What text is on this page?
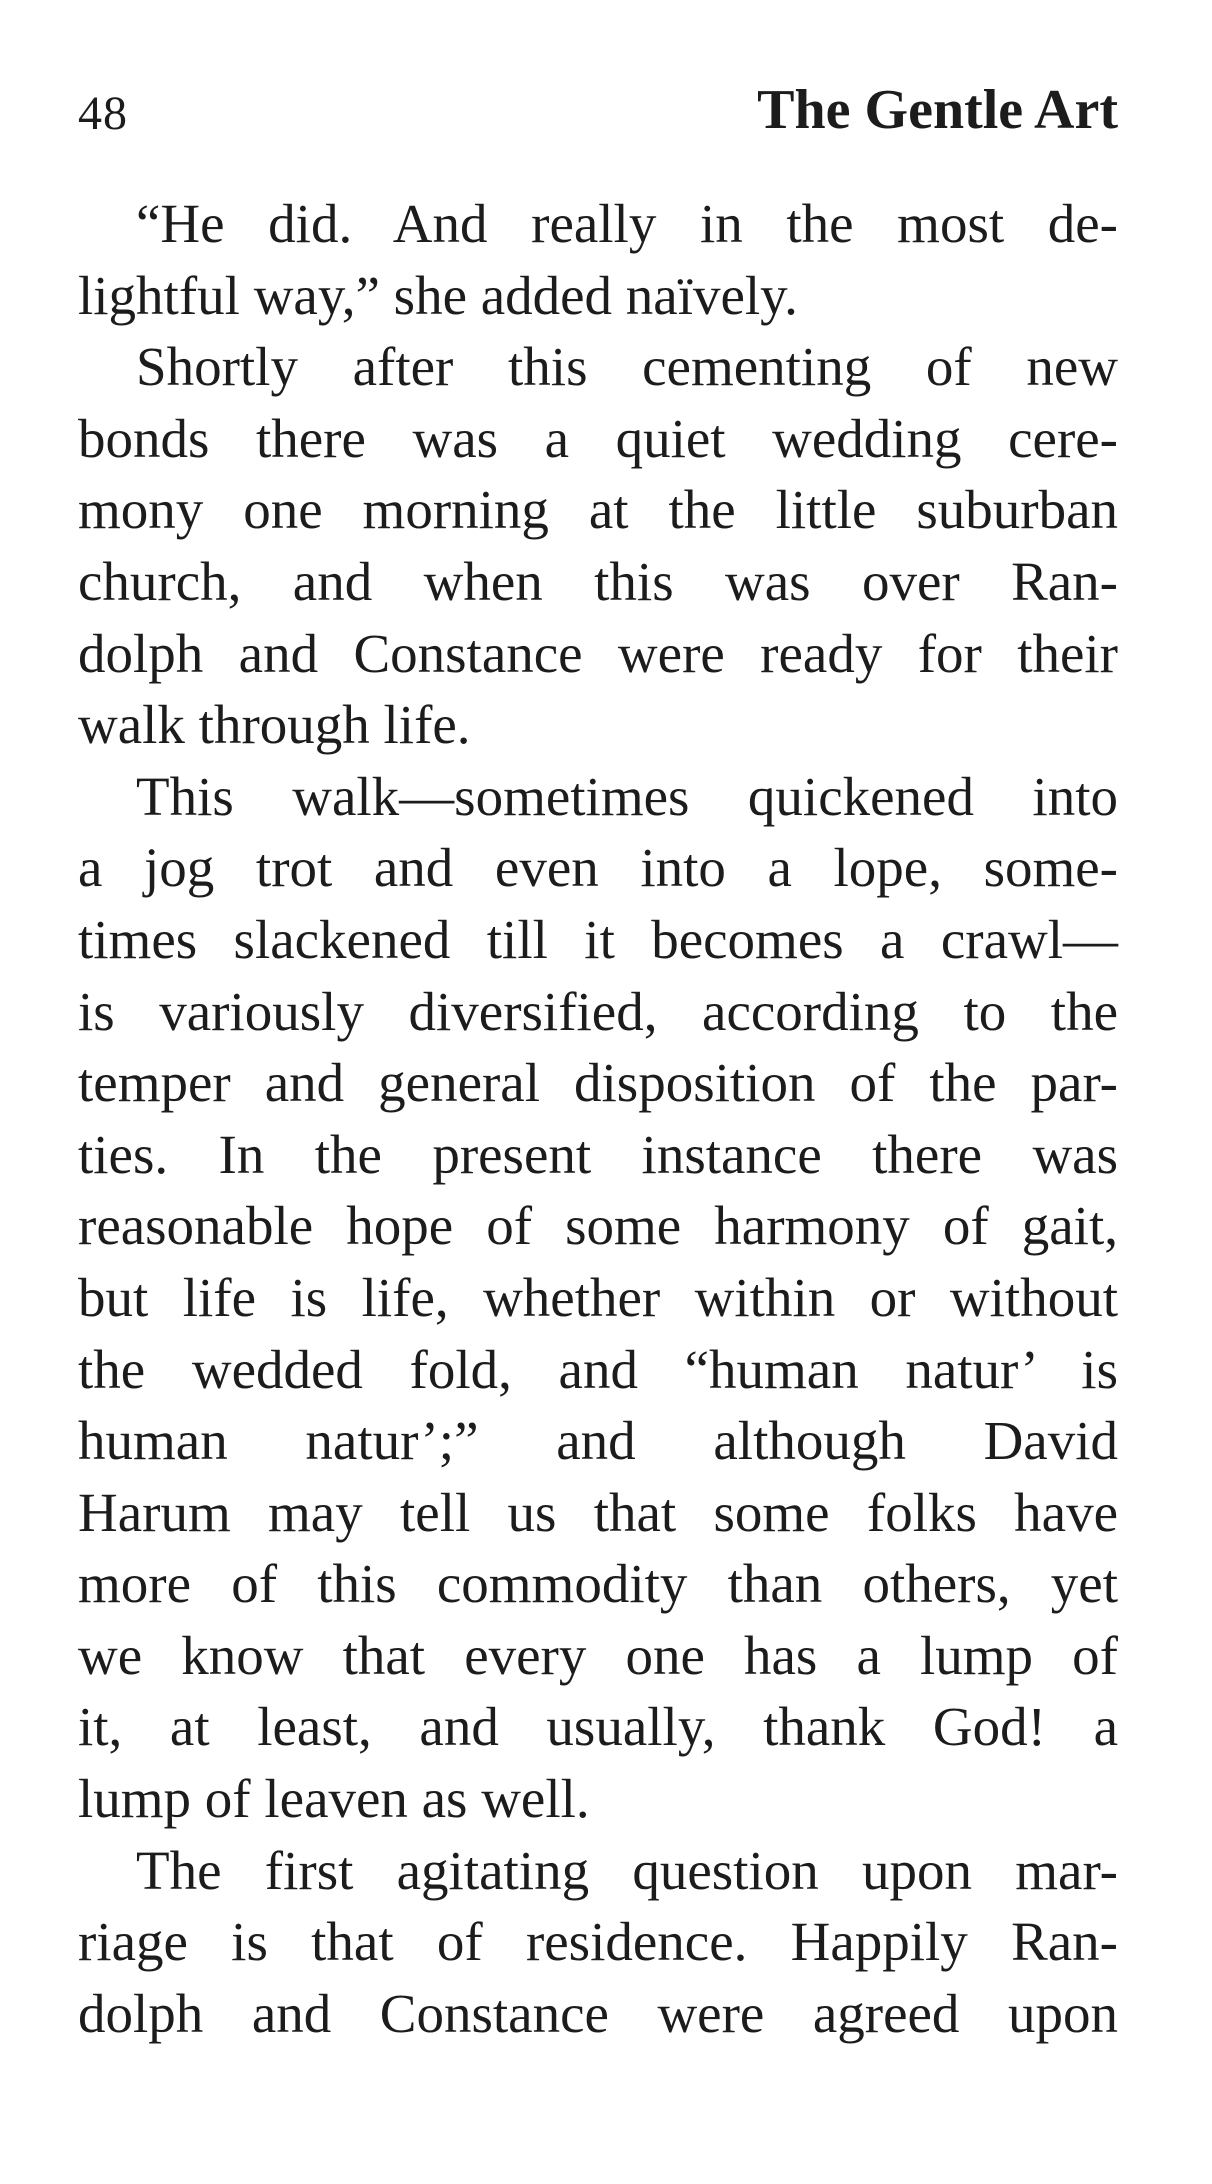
48	The Gentle Art
“He did. And really in the most de-
lightful way,” she added naïvely.
Shortly after this cementing of new
bonds there was a quiet wedding cere-
mony one morning at the little suburban
church, and when this was over Ran-
dolph and Constance were ready for their
walk through life.
This walk—sometimes quickened into
a jog trot and even into a lope, some-
times slackened till it becomes a crawl—
is variously diversified, according to the
temper and general disposition of the par-
ties. In the present instance there was
reasonable hope of some harmony of gait,
but life is life, whether within or without
the wedded fold, and “human natur’ is
human natur’;” and although David
Harum may tell us that some folks have
more of this commodity than others, yet
we know that every one has a lump of
it, at least, and usually, thank God! a
lump of leaven as well.
The first agitating question upon mar-
riage is that of residence. Happily Ran-
dolph and Constance were agreed upon
